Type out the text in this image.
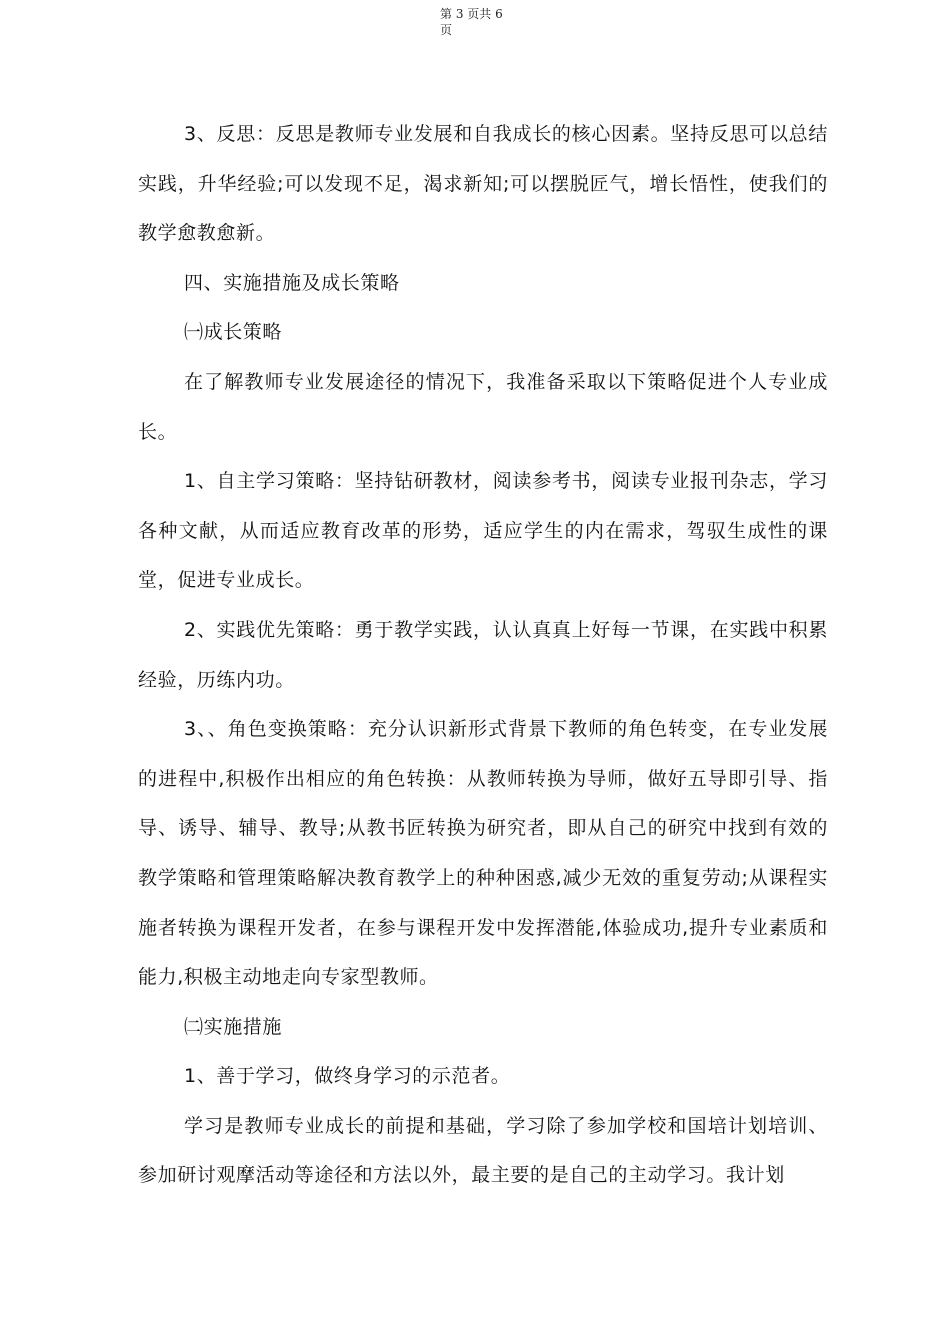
第 3 页共 6
页

3、反思：反思是教师专业发展和自我成长的核心因素。坚持反思可以总结实践，升华经验;可以发现不足，渴求新知;可以摆脱匠气，增长悟性，使我们的教学愈教愈新。

四、实施措施及成长策略

㈠成长策略

在了解教师专业发展途径的情况下，我准备采取以下策略促进个人专业成长。

1、自主学习策略：坚持钻研教材，阅读参考书，阅读专业报刊杂志，学习各种文献，从而适应教育改革的形势，适应学生的内在需求，驾驭生成性的课堂，促进专业成长。

2、实践优先策略：勇于教学实践，认认真真上好每一节课，在实践中积累经验，历练内功。

3、、角色变换策略：充分认识新形式背景下教师的角色转变，在专业发展的进程中,积极作出相应的角色转换：从教师转换为导师，做好五导即引导、指导、诱导、辅导、教导;从教书匠转换为研究者，即从自己的研究中找到有效的教学策略和管理策略解决教育教学上的种种困惑,减少无效的重复劳动;从课程实施者转换为课程开发者，在参与课程开发中发挥潜能,体验成功,提升专业素质和能力,积极主动地走向专家型教师。

㈡实施措施

1、善于学习，做终身学习的示范者。

学习是教师专业成长的前提和基础，学习除了参加学校和国培计划培训、参加研讨观摩活动等途径和方法以外，最主要的是自己的主动学习。我计划
